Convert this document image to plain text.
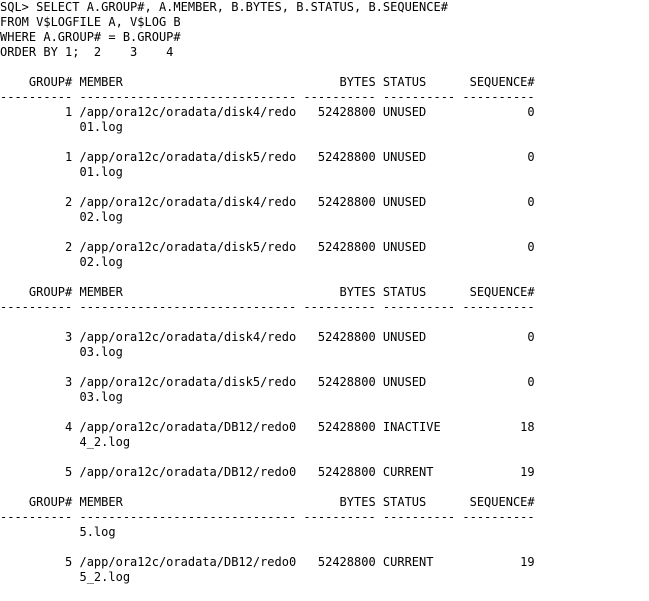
SQL> SELECT A.GROUP#, A.MEMBER, B.BYTES, B.STATUS, B.SEQUENCE#
FROM V$LOGFILE A, V$LOG B
WHERE A.GROUP# = B.GROUP#
ORDER BY 1;  2    3    4
GROUP# MEMBER                              BYTES STATUS      SEQUENCE#
---------- ------------------------------ ---------- ---------- ----------
1 /app/ora12c/oradata/disk4/redo   52428800 UNUSED              0
01.log
1 /app/ora12c/oradata/disk5/redo   52428800 UNUSED              0
01.log
2 /app/ora12c/oradata/disk4/redo   52428800 UNUSED              0
02.log
2 /app/ora12c/oradata/disk5/redo   52428800 UNUSED              0
02.log
GROUP# MEMBER                              BYTES STATUS      SEQUENCE#
---------- ------------------------------ ---------- ---------- ----------
3 /app/ora12c/oradata/disk4/redo   52428800 UNUSED              0
03.log
3 /app/ora12c/oradata/disk5/redo   52428800 UNUSED              0
03.log
4 /app/ora12c/oradata/DB12/redo0   52428800 INACTIVE           18
4_2.log
5 /app/ora12c/oradata/DB12/redo0   52428800 CURRENT            19
GROUP# MEMBER                              BYTES STATUS      SEQUENCE#
---------- ------------------------------ ---------- ---------- ----------
5.log
5 /app/ora12c/oradata/DB12/redo0   52428800 CURRENT            19
5_2.log
